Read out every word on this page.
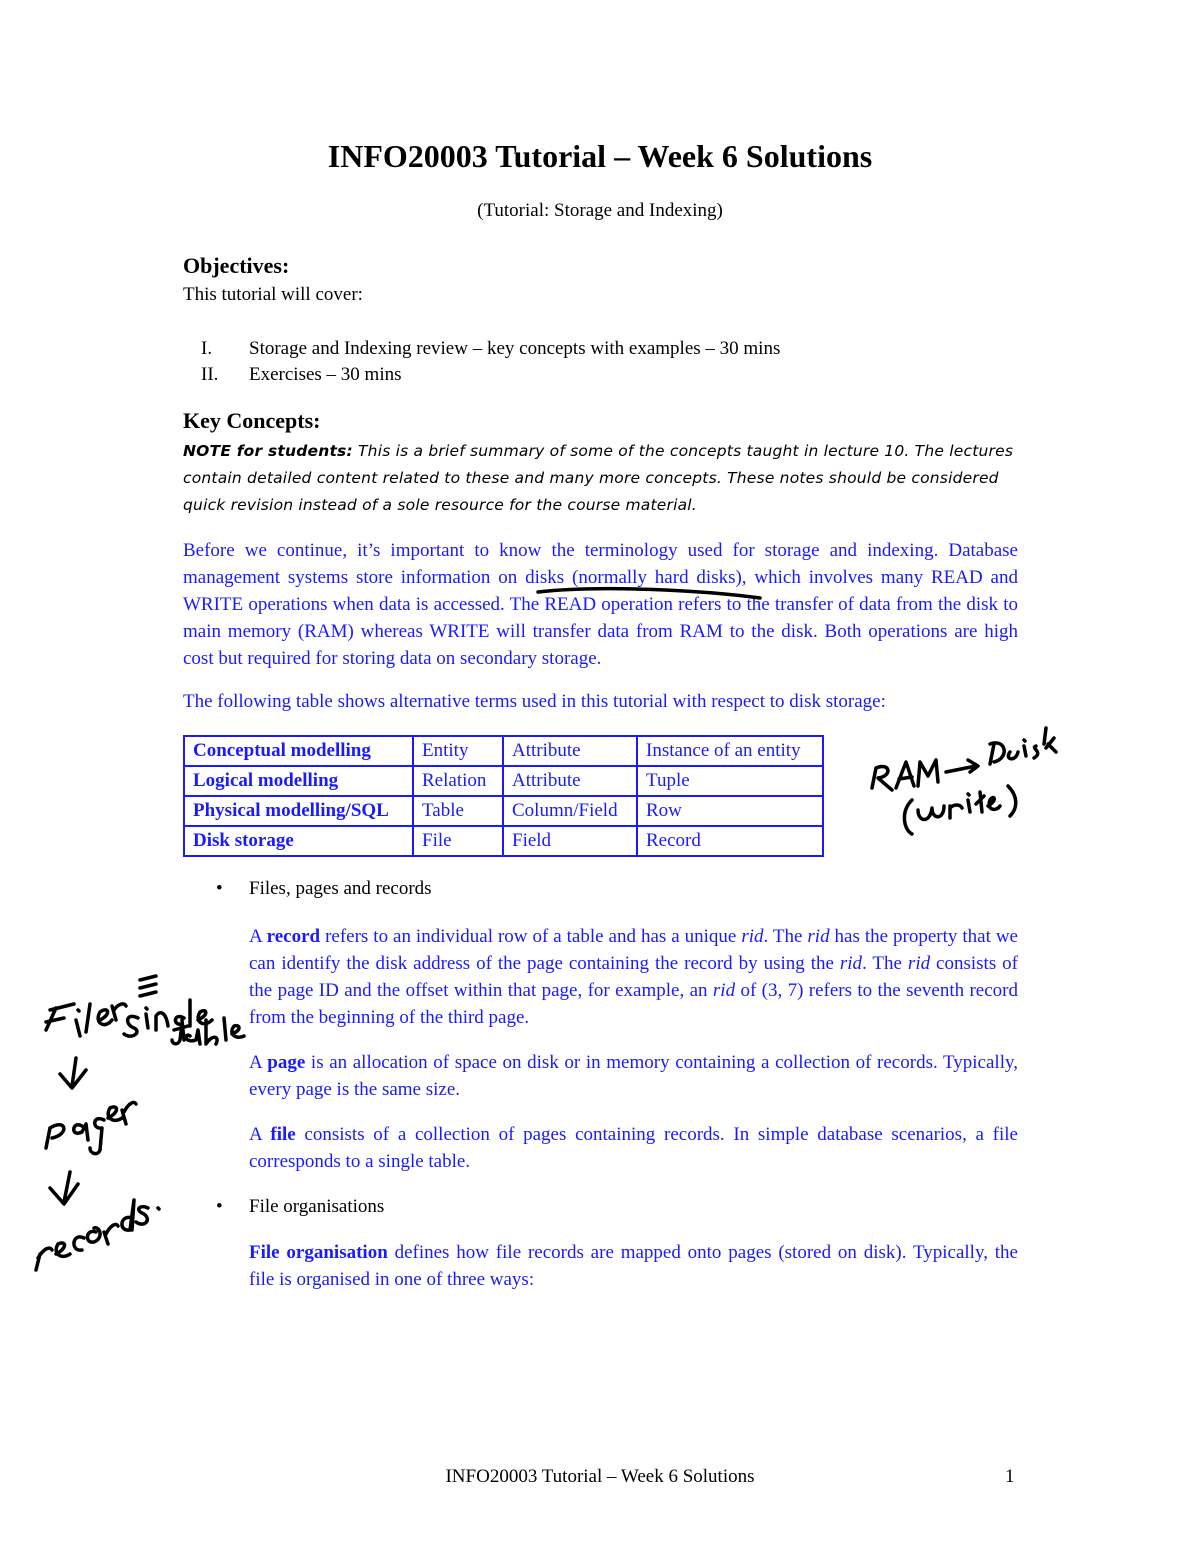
INFO20003 Tutorial – Week 6 Solutions
(Tutorial: Storage and Indexing)
Objectives:
This tutorial will cover:
I. Storage and Indexing review – key concepts with examples – 30 mins
II. Exercises – 30 mins
Key Concepts:
NOTE for students: This is a brief summary of some of the concepts taught in lecture 10. The lectures contain detailed content related to these and many more concepts. These notes should be considered quick revision instead of a sole resource for the course material.
Before we continue, it’s important to know the terminology used for storage and indexing. Database management systems store information on disks (normally hard disks), which involves many READ and WRITE operations when data is accessed. The READ operation refers to the transfer of data from the disk to main memory (RAM) whereas WRITE will transfer data from RAM to the disk. Both operations are high cost but required for storing data on secondary storage.
The following table shows alternative terms used in this tutorial with respect to disk storage:
Conceptual modelling	Entity	Attribute	Instance of an entity
Logical modelling	Relation	Attribute	Tuple
Physical modelling/SQL	Table	Column/Field	Row
Disk storage	File	Field	Record
• Files, pages and records
A record refers to an individual row of a table and has a unique rid. The rid has the property that we can identify the disk address of the page containing the record by using the rid. The rid consists of the page ID and the offset within that page, for example, an rid of (3, 7) refers to the seventh record from the beginning of the third page.
A page is an allocation of space on disk or in memory containing a collection of records. Typically, every page is the same size.
A file consists of a collection of pages containing records. In simple database scenarios, a file corresponds to a single table.
• File organisations
File organisation defines how file records are mapped onto pages (stored on disk). Typically, the file is organised in one of three ways:
INFO20003 Tutorial – Week 6 Solutions	1
